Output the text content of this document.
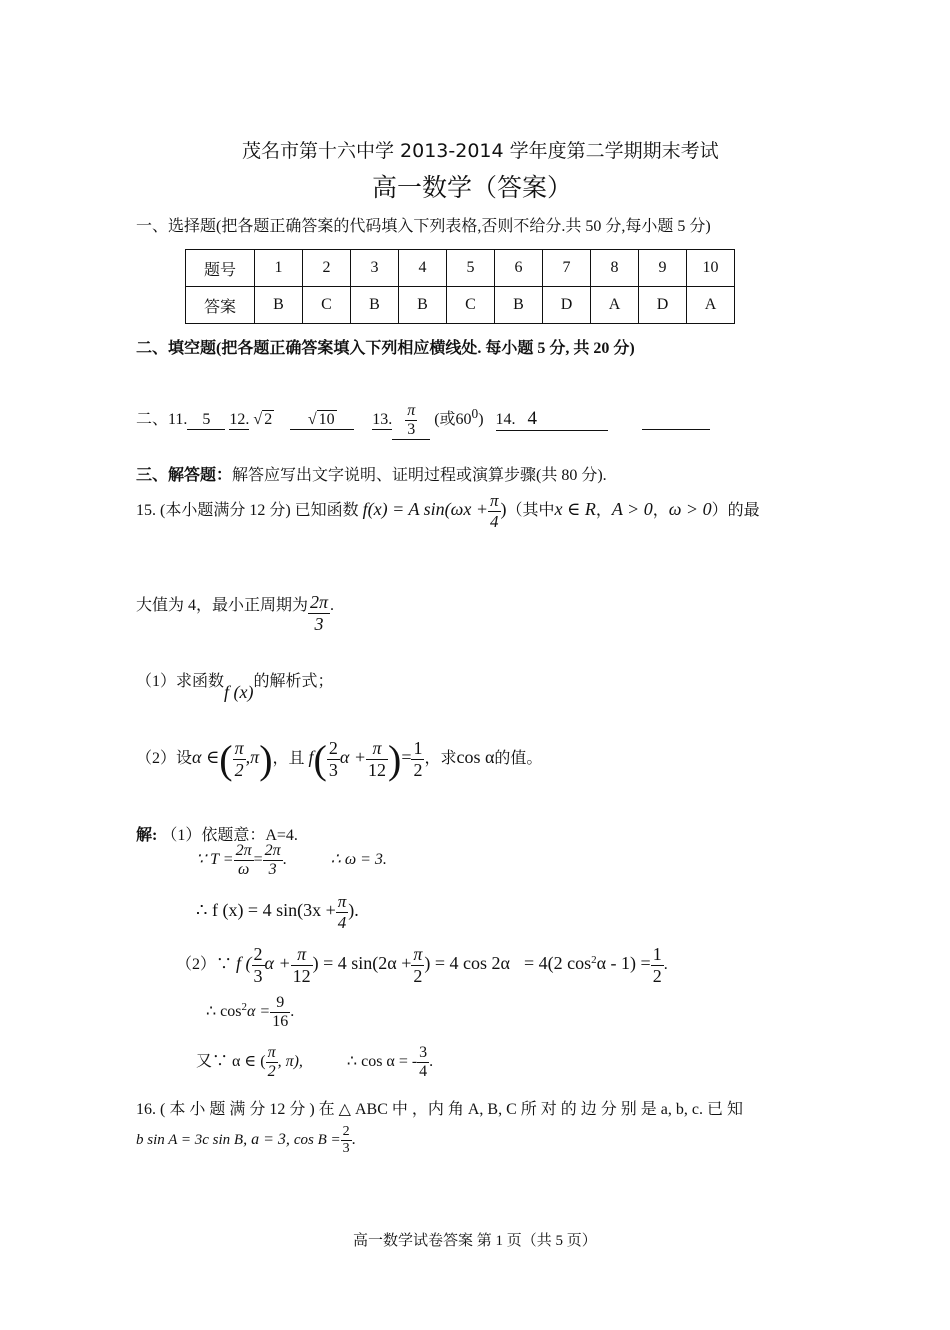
茂名市第十六中学 2013-2014 学年度第二学期期末考试
高一数学（答案）
一、选择题(把各题正确答案的代码填入下列表格,否则不给分.共 50 分,每小题 5 分)
题号	1	2	3	4	5	6	7	8	9	10
答案	B	C	B	B	C	B	D	A	D	A
二、填空题(把各题正确答案填入下列相应横线处. 每小题 5 分, 共 20 分)
二、11. 5 12. √ 2 √ 10 13. $\frac{\pi}{3}$ (或$60^0$) 14. 4
三、解答题：解答应写出文字说明、证明过程或演算步骤(共 80 分).
15. (本小题满分 12 分) 已知函数 f(x) = A $\sin(\omega x + \frac{\pi}{4}$ )（其中x ∈ R，A > 0，ω > 0）的最
大值为 4，最小正周期为 $\frac{2\pi}{3}$ .
（1）求函数f (x)的解析式；
（2）设α ∈( $\frac{\pi}{2} ,\pi$)，且 $f( \frac{2}{3}$ $\alpha + \frac{\pi}{12}$ )= $\frac{1}{2}$ ，求cos α的值。
解: （1）依题意：A=4.
∵ $T = \frac{2\pi}{\omega} = \frac{2\pi}{3}$ .	∴ ω = 3.
∴ f (x) = 4 $\sin(3x + \frac{\pi}{4}$ ).
（2）∵ f ( $\frac{2}{3}$ $\alpha + \frac{\pi}{12}$ ) = 4 $\sin(2\alpha + \frac{\pi}{2}$ ) = 4 cos 2α = 4(2 $\cos^2\alpha - 1) = \frac{1}{2}$ .
∴ $\cos^2\alpha = \frac{9}{16}$ .
又∵ α ∈ ( $\frac{\pi}{2}$ , π),	∴ cos α = - $\frac{3}{4}$ .
16. ( 本 小 题 满 分 12 分 ) 在 △ ABC 中 ，内 角 A, B, C 所 对 的 边 分 别 是 a, b, c. 已 知
b sin A = 3c sin B, a = 3, $\cos B = \frac{2}{3}$ .
高一数学试卷答案 第 1 页（共 5 页）
